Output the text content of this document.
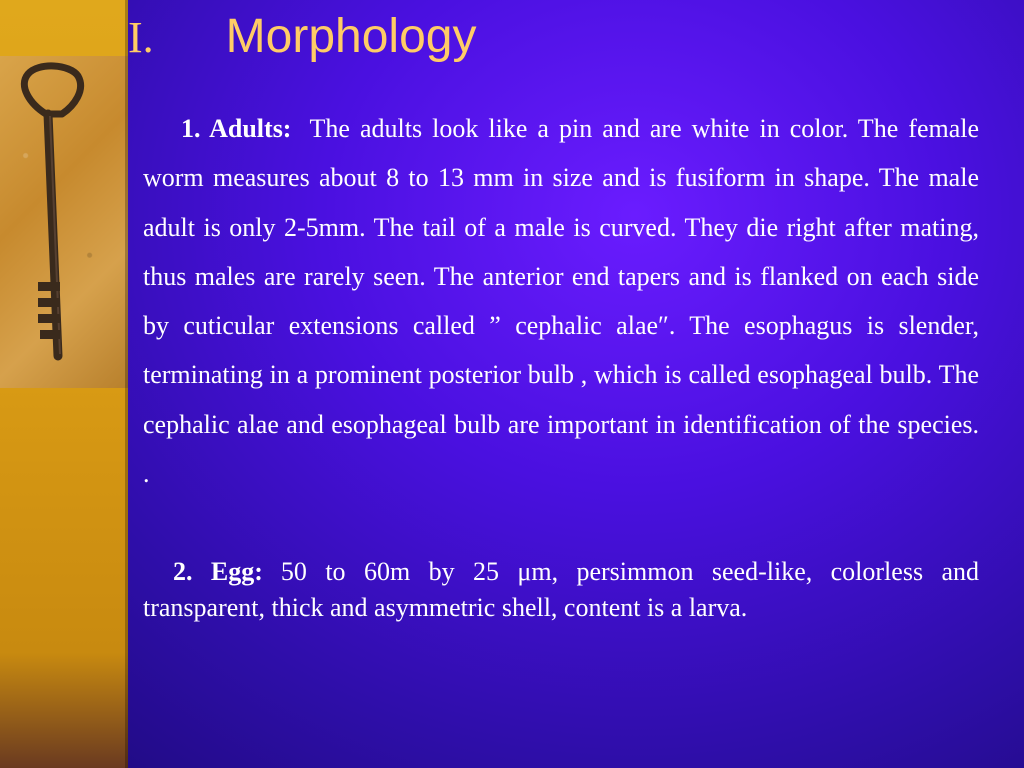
I. Morphology

1. Adults: The adults look like a pin and are white in color. The female worm measures about 8 to 13 mm in size and is fusiform in shape. The male adult is only 2-5mm. The tail of a male is curved. They die right after mating, thus males are rarely seen. The anterior end tapers and is flanked on each side by cuticular extensions called ” cephalic alae″. The esophagus is slender, terminating in a prominent posterior bulb , which is called esophageal bulb. The cephalic alae and esophageal bulb are important in identification of the species. .

2. Egg: 50 to 60m by 25 μm, persimmon seed-like, colorless and transparent, thick and asymmetric shell, content is a larva.
